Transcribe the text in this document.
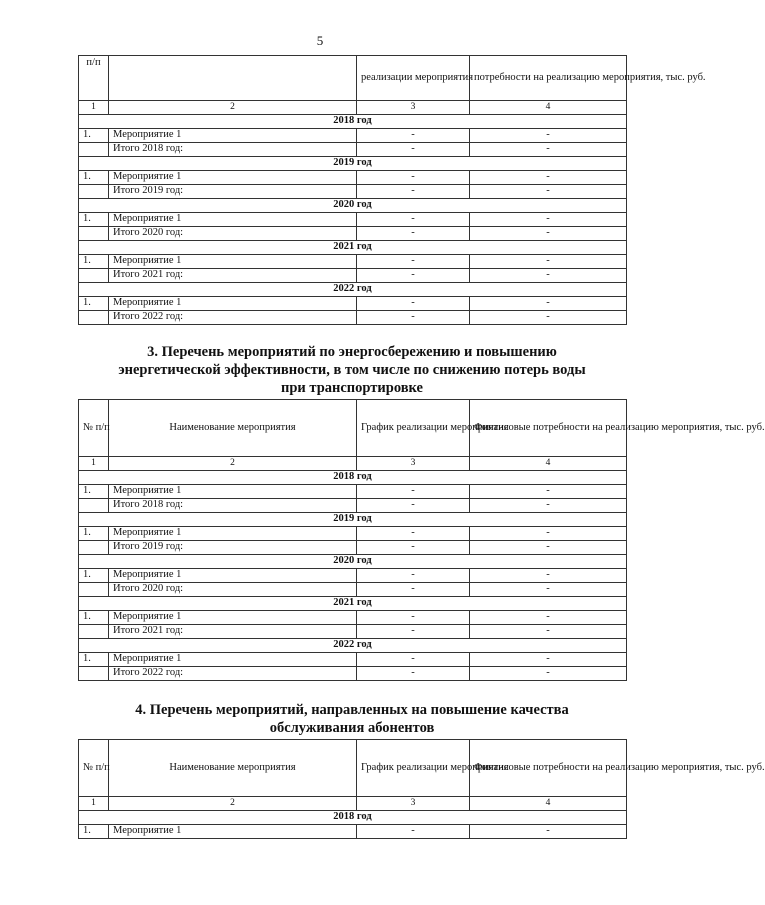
5
п/п		реализации мероприятия	потребности на реализацию мероприятия, тыс. руб.
1	2	3	4
2018 год			
1.	Мероприятие 1	-	-
	Итого 2018 год:	-	-
2019 год			
1.	Мероприятие 1	-	-
	Итого 2019 год:	-	-
2020 год			
1.	Мероприятие 1	-	-
	Итого 2020 год:	-	-
2021 год			
1.	Мероприятие 1	-	-
	Итого 2021 год:	-	-
2022 год			
1.	Мероприятие 1	-	-
	Итого 2022 год:	-	-
3. Перечень мероприятий по энергосбережению и повышению
энергетической эффективности, в том числе по снижению потерь воды
при транспортировке
№ п/п	Наименование мероприятия	График реализации мероприятия	Финансовые потребности на реализацию мероприятия, тыс. руб.
1	2	3	4
2018 год			
1.	Мероприятие 1	-	-
	Итого 2018 год:	-	-
2019 год			
1.	Мероприятие 1	-	-
	Итого 2019 год:	-	-
2020 год			
1.	Мероприятие 1	-	-
	Итого 2020 год:	-	-
2021 год			
1.	Мероприятие 1	-	-
	Итого 2021 год:	-	-
2022 год			
1.	Мероприятие 1	-	-
	Итого 2022 год:	-	-
4. Перечень мероприятий, направленных на повышение качества
обслуживания абонентов
№ п/п	Наименование мероприятия	График реализации мероприятия	Финансовые потребности на реализацию мероприятия, тыс. руб.
1	2	3	4
2018 год			
1.	Мероприятие 1	-	-
